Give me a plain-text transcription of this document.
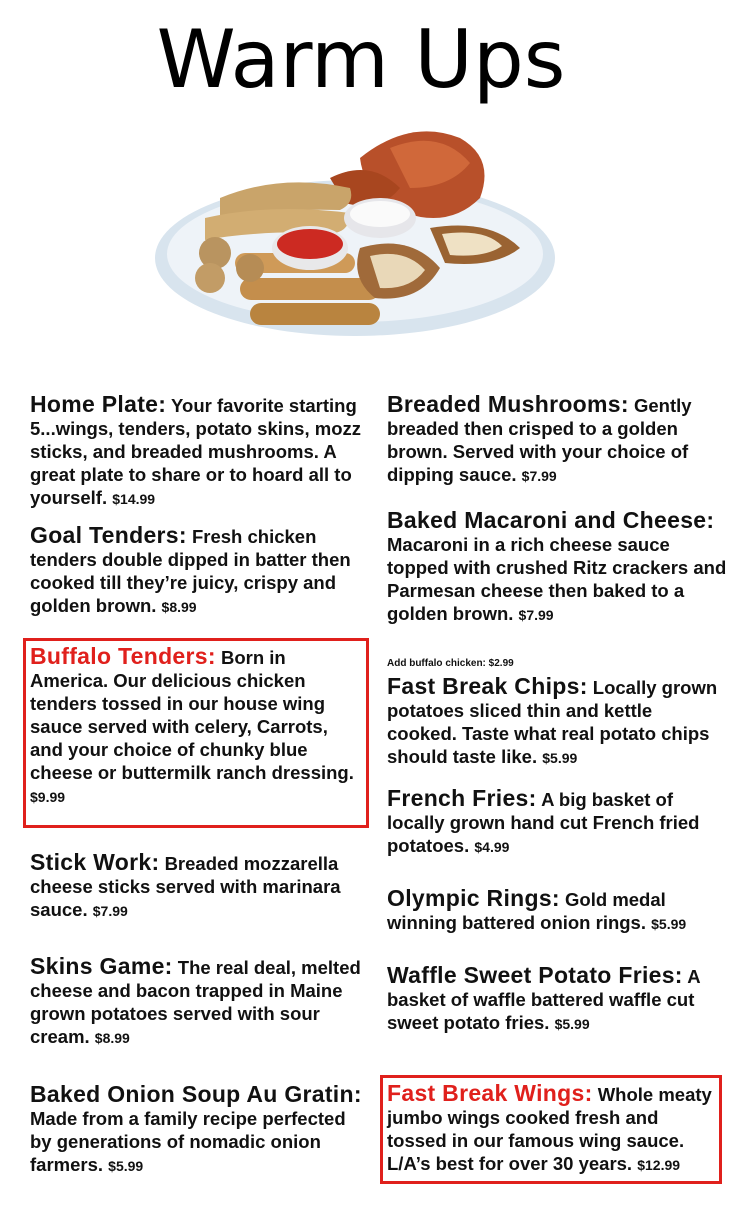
Warm Ups
Home Plate: Your favorite starting 5...wings, tenders, potato skins, mozz sticks, and breaded mushrooms. A great plate to share or to hoard all to yourself. $14.99
Goal Tenders: Fresh chicken tenders double dipped in batter then cooked till they’re juicy, crispy and golden brown. $8.99
Buffalo Tenders: Born in America. Our delicious chicken tenders tossed in our house wing sauce served with celery, Carrots, and your choice of chunky blue cheese or buttermilk ranch dressing. $9.99
Stick Work: Breaded mozzarella cheese sticks served with marinara sauce. $7.99
Skins Game: The real deal, melted cheese and bacon trapped in Maine grown potatoes served with sour cream. $8.99
Baked Onion Soup Au Gratin: Made from a family recipe perfected by generations of nomadic onion farmers. $5.99
Breaded Mushrooms: Gently breaded then crisped to a golden brown. Served with your choice of dipping sauce. $7.99
Baked Macaroni and Cheese: Macaroni in a rich cheese sauce topped with crushed Ritz crackers and Parmesan cheese then baked to a golden brown. $7.99
Add buffalo chicken: $2.99
Fast Break Chips: Locally grown potatoes sliced thin and kettle cooked. Taste what real potato chips should taste like. $5.99
French Fries: A big basket of locally grown hand cut French fried potatoes. $4.99
Olympic Rings: Gold medal winning battered onion rings. $5.99
Waffle Sweet Potato Fries: A basket of waffle battered waffle cut sweet potato fries. $5.99
Fast Break Wings: Whole meaty jumbo wings cooked fresh and tossed in our famous wing sauce. L/A’s best for over 30 years. $12.99
